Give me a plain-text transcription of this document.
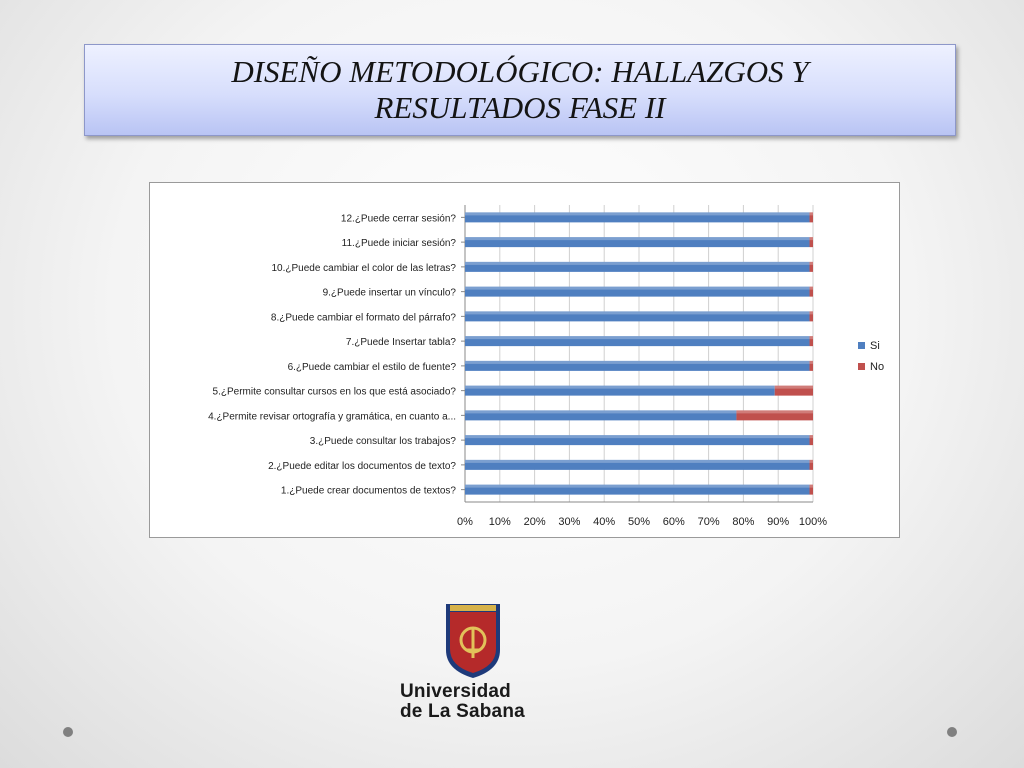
DISEÑO METODOLÓGICO: HALLAZGOS Y RESULTADOS FASE II
0% 10% 20% 30% 40% 50% 60% 70% 80% 90% 100%
1.¿Puede crear documentos de textos?
2.¿Puede editar los documentos de texto?
3.¿Puede consultar los trabajos?
4.¿Permite revisar ortografía y gramática, en cuanto a...
5.¿Permite consultar cursos en los que está asociado?
6.¿Puede cambiar el estilo de fuente?
7.¿Puede Insertar tabla?
8.¿Puede cambiar el formato del párrafo?
9.¿Puede insertar un vínculo?
10.¿Puede cambiar el color de las letras?
11.¿Puede iniciar sesión?
12.¿Puede cerrar sesión?
Si
No
Universidad
de La Sabana
